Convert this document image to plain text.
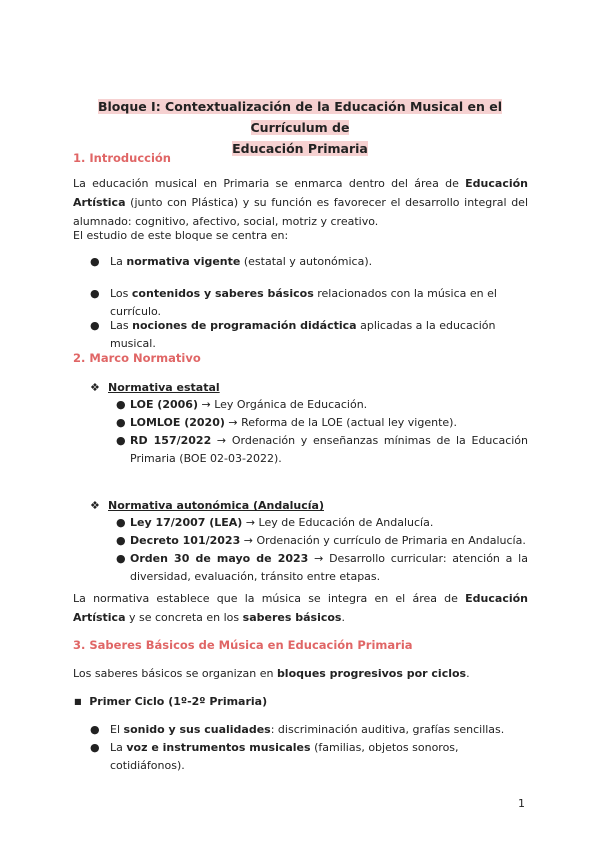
Bloque I: Contextualización de la Educación Musical en el Currículum de
Educación Primaria
1. Introducción
La educación musical en Primaria se enmarca dentro del área de Educación Artística (junto con Plástica) y su función es favorecer el desarrollo integral del alumnado: cognitivo, afectivo, social, motriz y creativo.
El estudio de este bloque se centra en:
● La normativa vigente (estatal y autonómica).
● Los contenidos y saberes básicos relacionados con la música en el currículo.
● Las nociones de programación didáctica aplicadas a la educación musical.
2. Marco Normativo
❖ Normativa estatal
● LOE (2006) → Ley Orgánica de Educación.
● LOMLOE (2020) → Reforma de la LOE (actual ley vigente).
● RD 157/2022 → Ordenación y enseñanzas mínimas de la Educación Primaria (BOE 02-03-2022).
❖ Normativa autonómica (Andalucía)
● Ley 17/2007 (LEA) → Ley de Educación de Andalucía.
● Decreto 101/2023 → Ordenación y currículo de Primaria en Andalucía.
● Orden 30 de mayo de 2023 → Desarrollo curricular: atención a la diversidad, evaluación, tránsito entre etapas.
La normativa establece que la música se integra en el área de Educación Artística y se concreta en los saberes básicos.
3. Saberes Básicos de Música en Educación Primaria
Los saberes básicos se organizan en bloques progresivos por ciclos.
■ Primer Ciclo (1º-2º Primaria)
● El sonido y sus cualidades: discriminación auditiva, grafías sencillas.
● La voz e instrumentos musicales (familias, objetos sonoros, cotidiáfonos).
1
